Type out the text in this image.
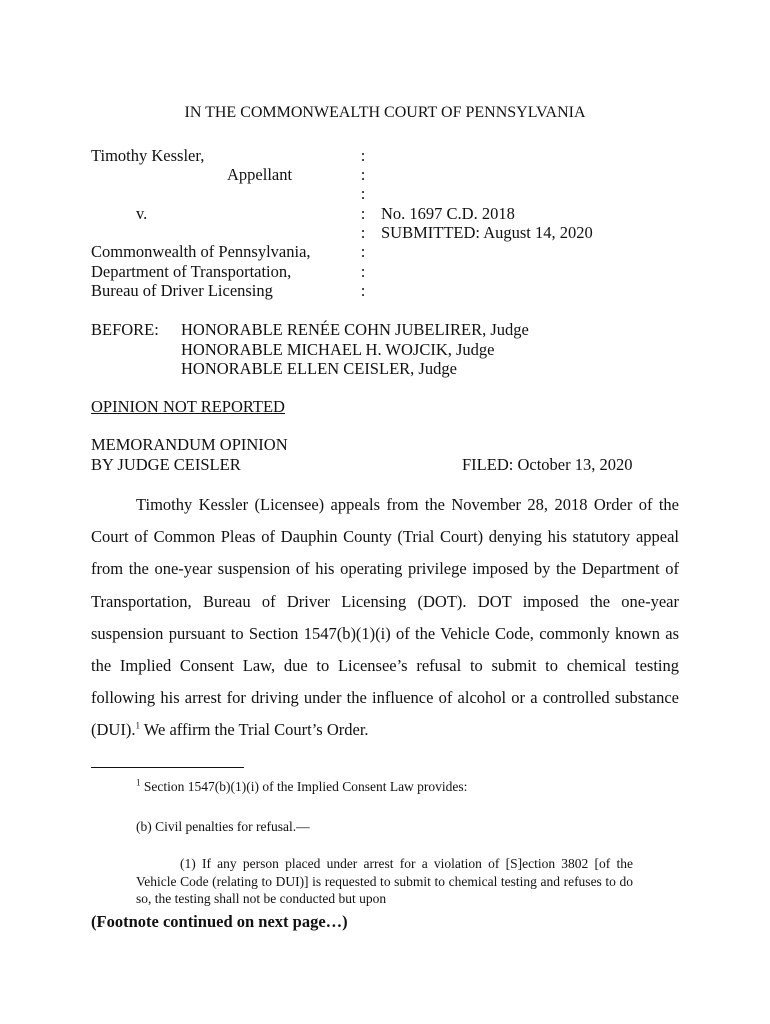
IN THE COMMONWEALTH COURT OF PENNSYLVANIA
Timothy Kessler,
Appellant
v.
Commonwealth of Pennsylvania,
Department of Transportation,
Bureau of Driver Licensing
:
:
:
:
:
:
:
:
No. 1697 C.D. 2018
SUBMITTED: August 14, 2020
BEFORE: HONORABLE RENÉE COHN JUBELIRER, Judge
HONORABLE MICHAEL H. WOJCIK, Judge
HONORABLE ELLEN CEISLER, Judge
OPINION NOT REPORTED
MEMORANDUM OPINION
BY JUDGE CEISLER	FILED: October 13, 2020

Timothy Kessler (Licensee) appeals from the November 28, 2018 Order of the Court of Common Pleas of Dauphin County (Trial Court) denying his statutory appeal from the one-year suspension of his operating privilege imposed by the Department of Transportation, Bureau of Driver Licensing (DOT). DOT imposed the one-year suspension pursuant to Section 1547(b)(1)(i) of the Vehicle Code, commonly known as the Implied Consent Law, due to Licensee’s refusal to submit to chemical testing following his arrest for driving under the influence of alcohol or a controlled substance (DUI).$^1$ We affirm the Trial Court’s Order.

$^1$ Section 1547(b)(1)(i) of the Implied Consent Law provides:
(b) Civil penalties for refusal.—

(1) If any person placed under arrest for a violation of [S]ection 3802 [of the Vehicle Code (relating to DUI)] is requested to submit to chemical testing and refuses to do so, the testing shall not be conducted but upon

(Footnote continued on next page…)
